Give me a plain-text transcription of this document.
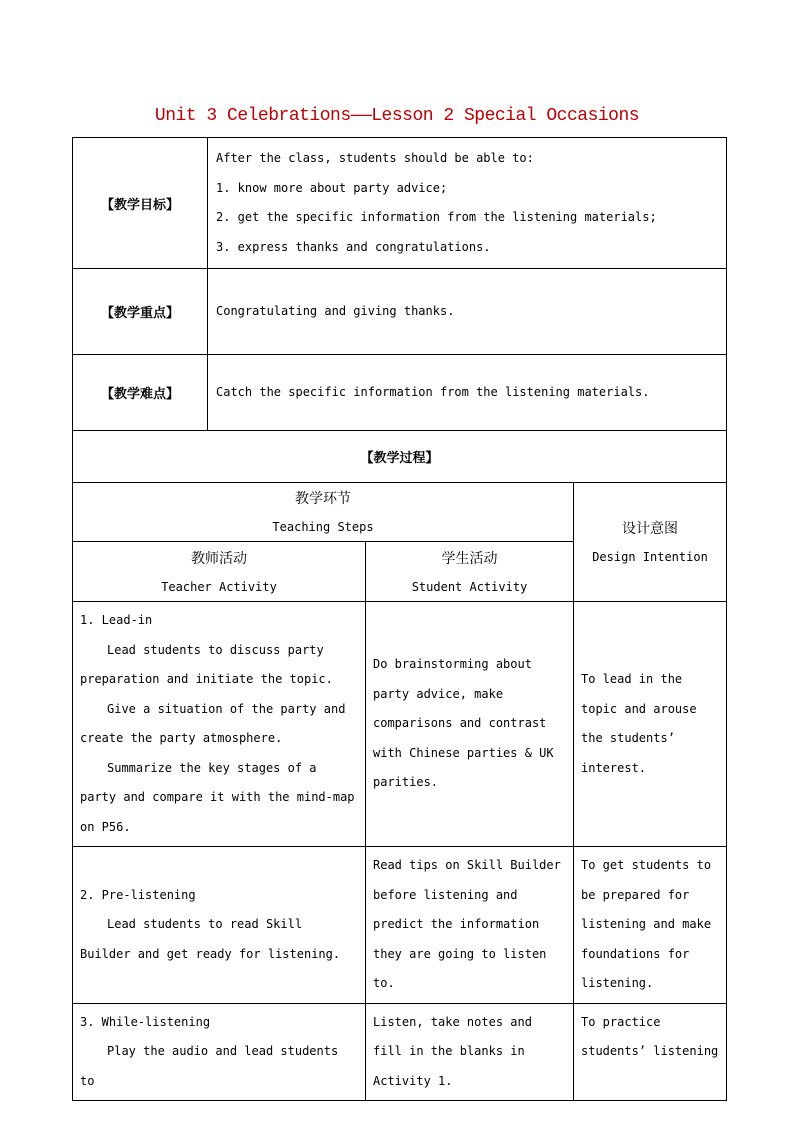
Unit 3 Celebrations——Lesson 2 Special Occasions
【教学目标】	After the class, students should be able to:
1. know more about party advice;
2. get the specific information from the listening materials;
3. express thanks and congratulations.		

【教学重点】	Congratulating and giving thanks.		
【教学难点】	Catch the specific information from the listening materials.		
【教学过程】			

教学环节
Teaching Steps			设计意图
Design Intention

教师活动
Teacher Activity		学生活动
Student Activity	

1. Lead-in
Lead students to discuss party preparation and initiate the topic.
Give a situation of the party and create the party atmosphere.
Summarize the key stages of a party and compare it with the mind-map on P56.		Do brainstorming about party advice, make comparisons and contrast with Chinese parties & UK parities.	To lead in the topic and arouse the students’ interest.

2. Pre-listening
Lead students to read Skill Builder and get ready for listening.		Read tips on Skill Builder before listening and predict the information they are going to listen to.	To get students to be prepared for listening and make foundations for listening.

3. While-listening
Play the audio and lead students to		Listen, take notes and fill in the blanks in Activity 1.	To practice students’ listening
